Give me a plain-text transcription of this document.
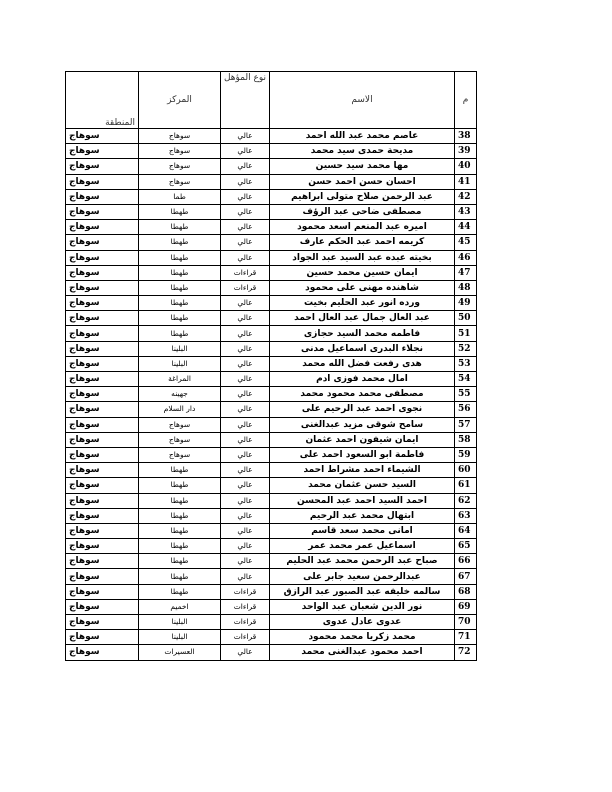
م	الاسم	نوع المؤهل	المركز	المنطقة
38	عاصم محمد عبد الله احمد	عالي	سوهاج	سوهاج
39	مديحة حمدى سيد محمد	عالي	سوهاج	سوهاج
40	مها محمد سيد حسين	عالي	سوهاج	سوهاج
41	احسان حسن احمد حسن	عالي	سوهاج	سوهاج
42	عبد الرحمن صلاح متولى ابراهيم	عالي	طما	سوهاج
43	مصطفى ضاحى عبد الرؤف	عالي	طهطا	سوهاج
44	اميره عبد المنعم اسعد محمود	عالي	طهطا	سوهاج
45	كريمه احمد عبد الحكم عارف	عالي	طهطا	سوهاج
46	بخيته عبده عبد السيد عبد الجواد	عالي	طهطا	سوهاج
47	ايمان حسين محمد حسين	قراءات	طهطا	سوهاج
48	شاهنده مهنى على محمود	قراءات	طهطا	سوهاج
49	ورده انور عبد الحليم بخيت	عالي	طهطا	سوهاج
50	عبد العال جمال عبد العال احمد	عالي	طهطا	سوهاج
51	فاطمه محمد السيد حجازى	عالي	طهطا	سوهاج
52	نجلاء البدرى اسماعيل مدنى	عالي	البلينا	سوهاج
53	هدى رفعت فضل الله محمد	عالي	البلينا	سوهاج
54	امال محمد فوزى ادم	عالي	المراغة	سوهاج
55	مصطفى محمد محمود محمد	عالي	جهينه	سوهاج
56	نجوى احمد عبد الرحيم على	عالي	دار السلام	سوهاج
57	سامح شوقى مزيد عبدالغنى	عالي	سوهاج	سوهاج
58	ايمان شيفون احمد عثمان	عالي	سوهاج	سوهاج
59	فاطمة ابو السعود احمد على	عالي	سوهاج	سوهاج
60	الشيماء احمد مشراط احمد	عالي	طهطا	سوهاج
61	السيد حسن عثمان محمد	عالي	طهطا	سوهاج
62	احمد السيد احمد عبد المحسن	عالي	طهطا	سوهاج
63	ابتهال محمد عبد الرحيم	عالي	طهطا	سوهاج
64	امانى محمد سعد قاسم	عالي	طهطا	سوهاج
65	اسماعيل عمر محمد عمر	عالي	طهطا	سوهاج
66	صباح عبد الرحمن محمد عبد الحليم	عالي	طهطا	سوهاج
67	عبدالرحمن سعيد جابر على	عالي	طهطا	سوهاج
68	سالمه خليفه عبد الصبور عبد الرازق	قراءات	طهطا	سوهاج
69	نور الدين شعبان عبد الواحد	قراءات	اخميم	سوهاج
70	عدوى عادل عدوى	قراءات	البلينا	سوهاج
71	محمد زكريا محمد محمود	قراءات	البلينا	سوهاج
72	احمد محمود عبدالغنى محمد	عالي	العسيرات	سوهاج
